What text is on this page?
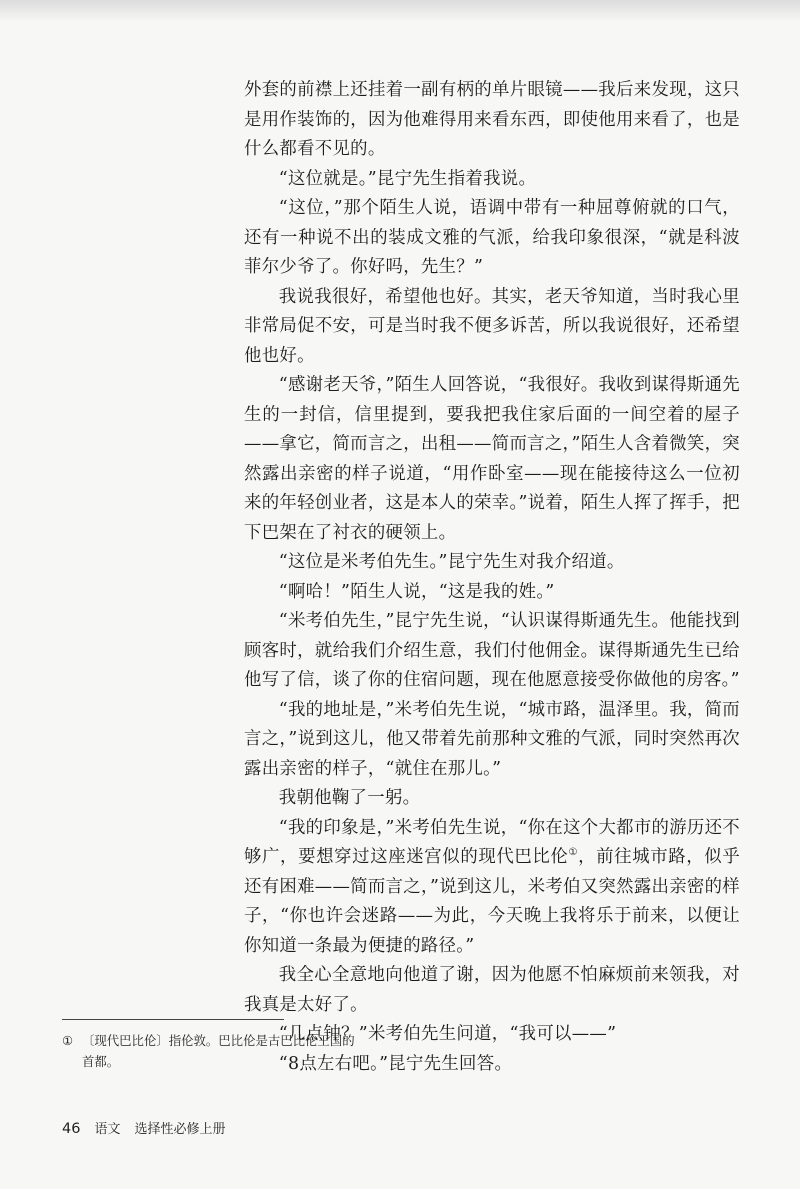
外套的前襟上还挂着一副有柄的单片眼镜——我后来发现，这只是用作装饰的，因为他难得用来看东西，即使他用来看了，也是什么都看不见的。

“这位就是。”昆宁先生指着我说。

“这位，”那个陌生人说，语调中带有一种屈尊俯就的口气，还有一种说不出的装成文雅的气派，给我印象很深，“就是科波菲尔少爷了。你好吗，先生？”

我说我很好，希望他也好。其实，老天爷知道，当时我心里非常局促不安，可是当时我不便多诉苦，所以我说很好，还希望他也好。

“感谢老天爷，”陌生人回答说，“我很好。我收到谋得斯通先生的一封信，信里提到，要我把我住家后面的一间空着的屋子——拿它，简而言之，出租——简而言之，”陌生人含着微笑，突然露出亲密的样子说道，“用作卧室——现在能接待这么一位初来的年轻创业者，这是本人的荣幸。”说着，陌生人挥了挥手，把下巴架在了衬衣的硬领上。

“这位是米考伯先生。”昆宁先生对我介绍道。

“啊哈！”陌生人说，“这是我的姓。”

“米考伯先生，”昆宁先生说，“认识谋得斯通先生。他能找到顾客时，就给我们介绍生意，我们付他佣金。谋得斯通先生已给他写了信，谈了你的住宿问题，现在他愿意接受你做他的房客。”

“我的地址是，”米考伯先生说，“城市路，温泽里。我，简而言之，”说到这儿，他又带着先前那种文雅的气派，同时突然再次露出亲密的样子，“就住在那儿。”

我朝他鞠了一躬。

“我的印象是，”米考伯先生说，“你在这个大都市的游历还不够广，要想穿过这座迷宫似的现代巴比伦①，前往城市路，似乎还有困难——简而言之，”说到这儿，米考伯又突然露出亲密的样子，“你也许会迷路——为此，今天晚上我将乐于前来，以便让你知道一条最为便捷的路径。”

我全心全意地向他道了谢，因为他愿不怕麻烦前来领我，对我真是太好了。

“几点钟？”米考伯先生问道，“我可以——”

“8点左右吧。”昆宁先生回答。

① 〔现代巴比伦〕指伦敦。巴比伦是古巴比伦王国的
首都。
46 语文 选择性必修上册
